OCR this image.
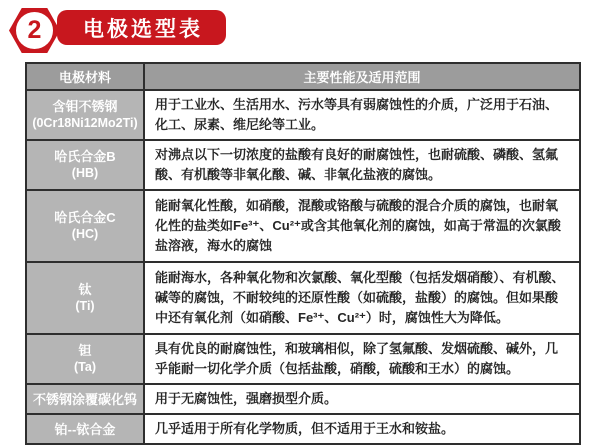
2 电极选型表
电极材料	主要性能及适用范围
含钼不锈钢
(0Cr18Ni12Mo2Ti)	用于工业水、生活用水、污水等具有弱腐蚀性的介质，广泛用于石油、化工、尿素、维尼纶等工业。
哈氏合金B
(HB)	对沸点以下一切浓度的盐酸有良好的耐腐蚀性，也耐硫酸、磷酸、氢氟酸、有机酸等非氧化酸、碱、非氧化盐液的腐蚀。
哈氏合金C
(HC)	能耐氧化性酸，如硝酸，混酸或铬酸与硫酸的混合介质的腐蚀，也耐氧化性的盐类如Fe³⁺、Cu²⁺或含其他氧化剂的腐蚀，如高于常温的次氯酸盐溶液，海水的腐蚀
钛
(Ti)	能耐海水，各种氧化物和次氯酸、氧化型酸（包括发烟硝酸）、有机酸、碱等的腐蚀，不耐较纯的还原性酸（如硫酸，盐酸）的腐蚀。但如果酸中还有氧化剂（如硝酸、Fe³⁺、Cu²⁺）时，腐蚀性大为降低。
钽
(Ta)	具有优良的耐腐蚀性，和玻璃相似，除了氢氟酸、发烟硫酸、碱外，几乎能耐一切化学介质（包括盐酸，硝酸，硫酸和王水）的腐蚀。
不锈钢涂覆碳化钨	用于无腐蚀性，强磨损型介质。
铂--铱合金	几乎适用于所有化学物质，但不适用于王水和铵盐。
